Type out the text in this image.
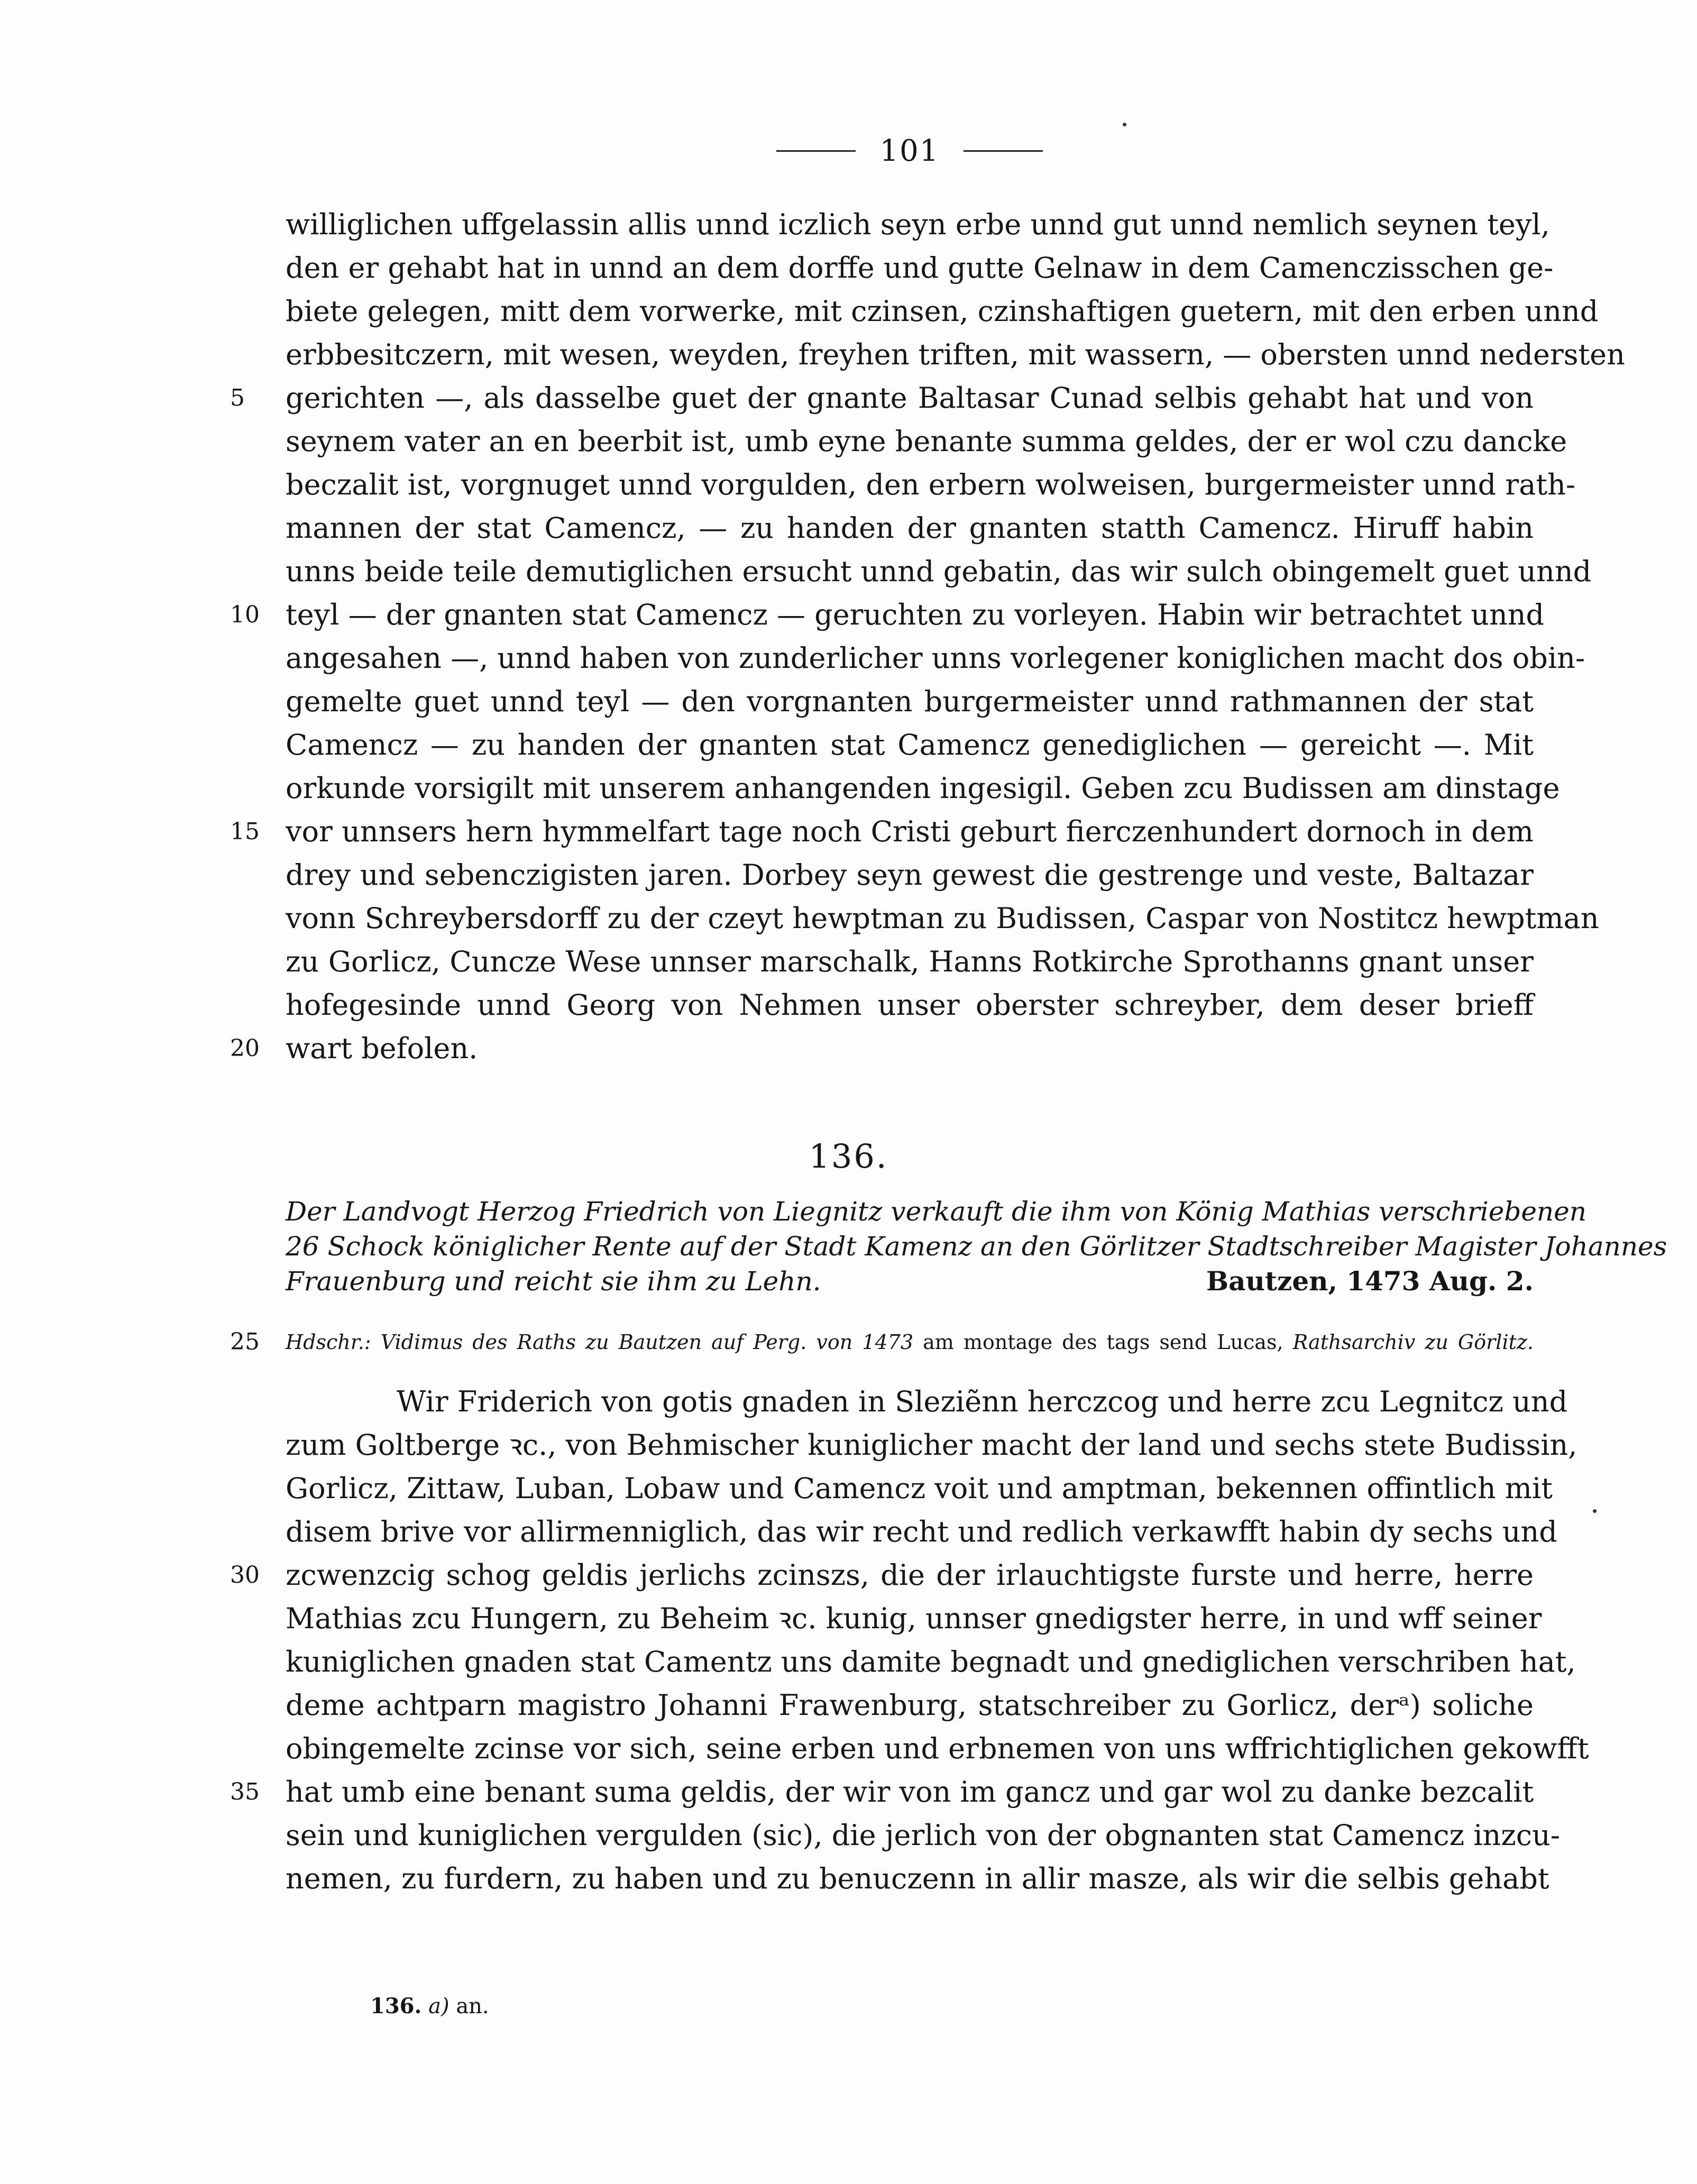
101
williglichen uffgelassin allis unnd iczlich seyn erbe unnd gut unnd nemlich seynen teyl,
den er gehabt hat in unnd an dem dorffe und gutte Gelnaw in dem Camenczisschen ge-
biete gelegen, mitt dem vorwerke, mit czinsen, czinshaftigen guetern, mit den erben unnd
erbbesitczern, mit wesen, weyden, freyhen triften, mit wassern, — obersten unnd nedersten
5	gerichten —, als dasselbe guet der gnante Baltasar Cunad selbis gehabt hat und von
seynem vater an en beerbit ist, umb eyne benante summa geldes, der er wol czu dancke
beczalit ist, vorgnuget unnd vorgulden, den erbern wolweisen, burgermeister unnd rath-
mannen der stat Camencz, — zu handen der gnanten statth Camencz. Hiruff habin
unns beide teile demutiglichen ersucht unnd gebatin, das wir sulch obingemelt guet unnd
10 teyl — der gnanten stat Camencz — geruchten zu vorleyen. Habin wir betrachtet unnd
angesahen —, unnd haben von zunderlicher unns vorlegener koniglichen macht dos obin-
gemelte guet unnd teyl — den vorgnanten burgermeister unnd rathmannen der stat
Camencz — zu handen der gnanten stat Camencz genediglichen — gereicht —. Mit
orkunde vorsigilt mit unserem anhangenden ingesigil. Geben zcu Budissen am dinstage
15 vor unnsers hern hymmelfart tage noch Cristi geburt fierczenhundert dornoch in dem
drey und sebenczigisten jaren. Dorbey seyn gewest die gestrenge und veste, Baltazar
vonn Schreybersdorff zu der czeyt hewptman zu Budissen, Caspar von Nostitcz hewptman
zu Gorlicz, Cuncze Wese unnser marschalk, Hanns Rotkirche Sprothanns gnant unser
hofegesinde unnd Georg von Nehmen unser oberster schreyber, dem deser brieff
20 wart befolen.
136.
Der Landvogt Herzog Friedrich von Liegnitz verkauft die ihm von König Mathias verschriebenen
26 Schock königlicher Rente auf der Stadt Kamenz an den Görlitzer Stadtschreiber Magister Johannes
Frauenburg und reicht sie ihm zu Lehn.	Bautzen, 1473 Aug. 2.
25	Hdschr.: Vidimus des Raths zu Bautzen auf Perg. von 1473 am montage des tags send Lucas, Rathsarchiv zu Görlitz.
Wir Friderich von gotis gnaden in Sleziẽnn herczcog und herre zcu Legnitcz und
zum Goltberge ꝛc., von Behmischer kuniglicher macht der land und sechs stete Budissin,
Gorlicz, Zittaw, Luban, Lobaw und Camencz voit und amptman, bekennen offintlich mit
disem brive vor allirmenniglich, das wir recht und redlich verkawfft habin dy sechs und
30 zcwenzcig schog geldis jerlichs zcinszs, die der irlauchtigste furste und herre, herre
Mathias zcu Hungern, zu Beheim ꝛc. kunig, unnser gnedigster herre, in und wff seiner
kuniglichen gnaden stat Camentz uns damite begnadt und gnediglichen verschriben hat,
deme achtparn magistro Johanni Frawenburg, statschreiber zu Gorlicz, derᵃ) soliche
obingemelte zcinse vor sich, seine erben und erbnemen von uns wffrichtiglichen gekowfft
35 hat umb eine benant suma geldis, der wir von im gancz und gar wol zu danke bezcalit
sein und kuniglichen vergulden (sic), die jerlich von der obgnanten stat Camencz inzcu-
nemen, zu furdern, zu haben und zu benuczenn in allir masze, als wir die selbis gehabt
136. a) an.
